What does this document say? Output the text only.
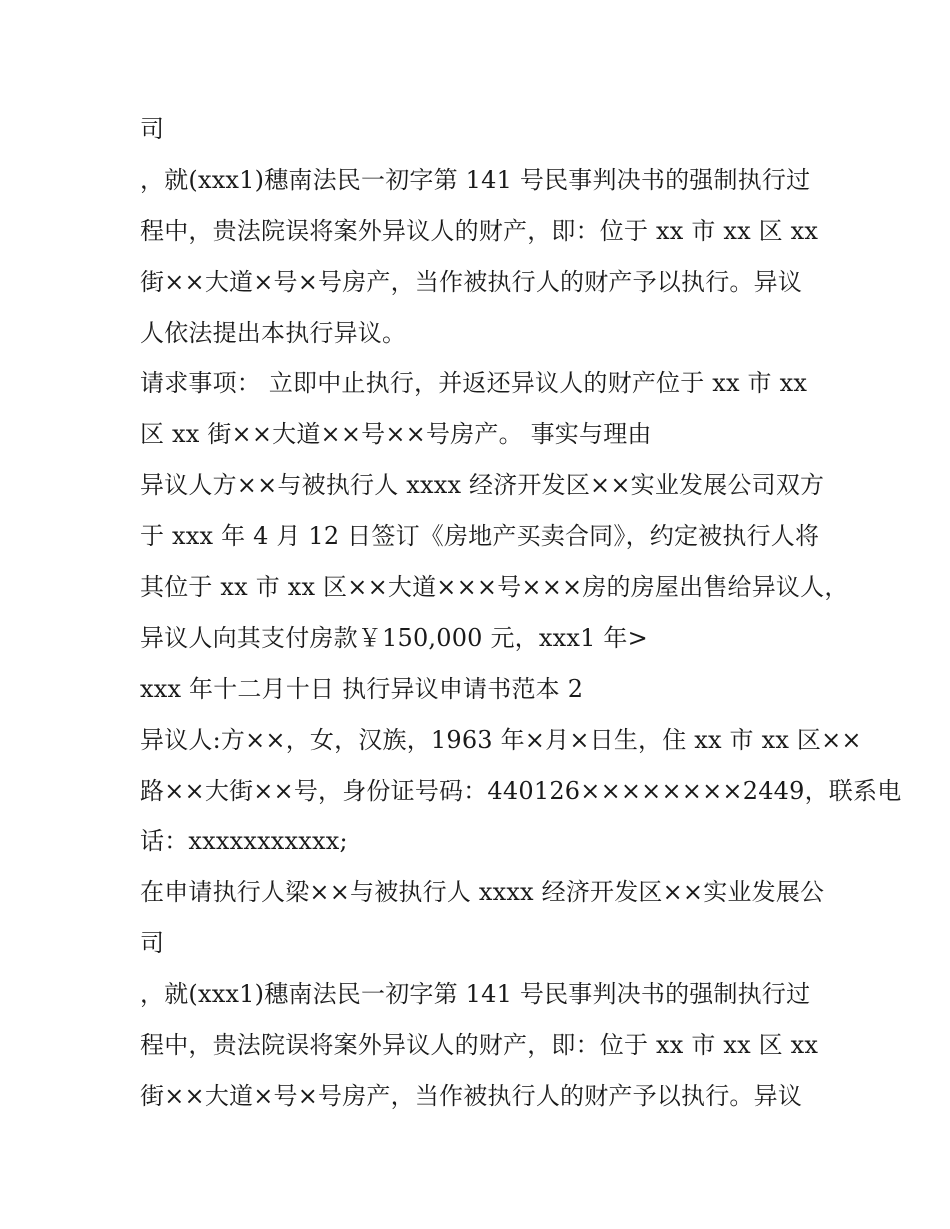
司
，就(xxx1)穗南法民一初字第 141 号民事判决书的强制执行过
程中，贵法院误将案外异议人的财产，即：位于 xx 市 xx 区 xx
街××大道×号×号房产，当作被执行人的财产予以执行。异议
人依法提出本执行异议。
请求事项： 立即中止执行，并返还异议人的财产位于 xx 市 xx
区 xx 街××大道××号××号房产。 事实与理由
异议人方××与被执行人 xxxx 经济开发区××实业发展公司双方
于 xxx 年 4 月 12 日签订《房地产买卖合同》，约定被执行人将
其位于 xx 市 xx 区××大道×××号×××房的房屋出售给异议人，
异议人向其支付房款￥150,000 元，xxx1 年>
xxx 年十二月十日 执行异议申请书范本 2
异议人:方××，女，汉族，1963 年×月×日生，住 xx 市 xx 区××
路××大街××号，身份证号码：440126××××××××2449，联系电
话：xxxxxxxxxxx;
在申请执行人梁××与被执行人 xxxx 经济开发区××实业发展公
司
，就(xxx1)穗南法民一初字第 141 号民事判决书的强制执行过
程中，贵法院误将案外异议人的财产，即：位于 xx 市 xx 区 xx
街××大道×号×号房产，当作被执行人的财产予以执行。异议
